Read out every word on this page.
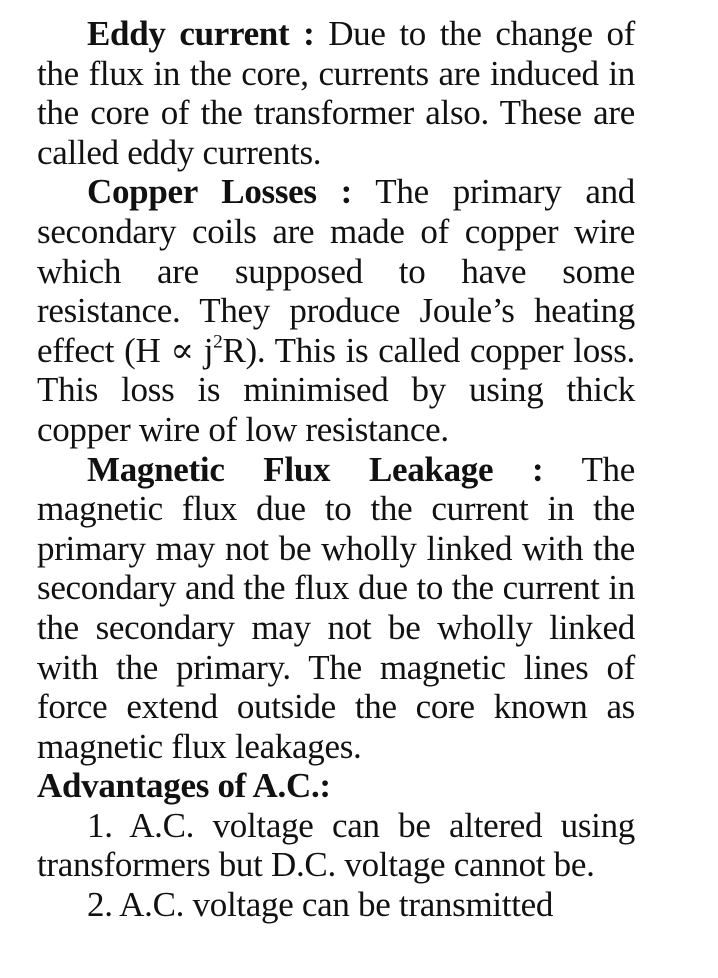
Eddy current : Due to the change of the flux in the core, currents are induced in the core of the transformer also. These are called eddy currents.

Copper Losses : The primary and secondary coils are made of copper wire which are supposed to have some resistance. They produce Joule’s heating effect $(H \propto j^2R)$. This is called copper loss. This loss is minimised by using thick copper wire of low resistance.

Magnetic Flux Leakage : The magnetic flux due to the current in the primary may not be wholly linked with the secondary and the flux due to the current in the secondary may not be wholly linked with the primary. The magnetic lines of force extend outside the core known as magnetic flux leakages.

Advantages of A.C.:

1. A.C. voltage can be altered using transformers but D.C. voltage cannot be.

2. A.C. voltage can be transmitted
